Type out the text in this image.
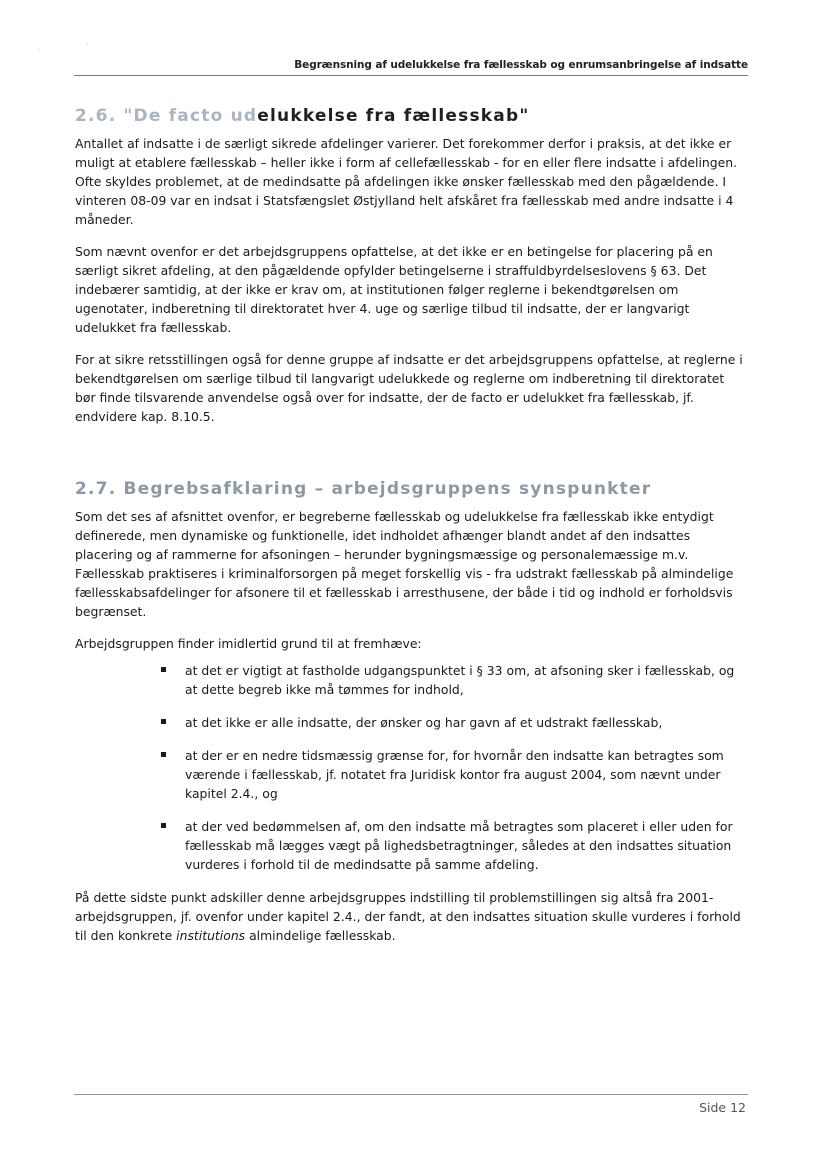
·
·
Begrænsning af udelukkelse fra fællesskab og enrumsanbringelse af indsatte
2.6. "De facto udelukkelse fra fællesskab"

Antallet af indsatte i de særligt sikrede afdelinger varierer. Det forekommer derfor i praksis, at det ikke er muligt at etablere fællesskab – heller ikke i form af cellefællesskab - for en eller flere indsatte i afdelingen. Ofte skyldes problemet, at de medindsatte på afdelingen ikke ønsker fællesskab med den pågældende. I vinteren 08-09 var en indsat i Statsfængslet Østjylland helt afskåret fra fællesskab med andre indsatte i 4 måneder.

Som nævnt ovenfor er det arbejdsgruppens opfattelse, at det ikke er en betingelse for placering på en særligt sikret afdeling, at den pågældende opfylder betingelserne i straffuldbyrdelseslovens § 63. Det indebærer samtidig, at der ikke er krav om, at institutionen følger reglerne i bekendtgørelsen om ugenotater, indberetning til direktoratet hver 4. uge og særlige tilbud til indsatte, der er langvarigt udelukket fra fællesskab.

For at sikre retsstillingen også for denne gruppe af indsatte er det arbejdsgruppens opfattelse, at reglerne i bekendtgørelsen om særlige tilbud til langvarigt udelukkede og reglerne om indberetning til direktoratet bør finde tilsvarende anvendelse også over for indsatte, der de facto er udelukket fra fællesskab, jf. endvidere kap. 8.10.5.

2.7. Begrebsafklaring – arbejdsgruppens synspunkter

Som det ses af afsnittet ovenfor, er begreberne fællesskab og udelukkelse fra fællesskab ikke entydigt definerede, men dynamiske og funktionelle, idet indholdet afhænger blandt andet af den indsattes placering og af rammerne for afsoningen – herunder bygningsmæssige og personalemæssige m.v. Fællesskab praktiseres i kriminalforsorgen på meget forskellig vis - fra udstrakt fællesskab på almindelige fællesskabsafdelinger for afsonere til et fællesskab i arresthusene, der både i tid og indhold er forholdsvis begrænset.

Arbejdsgruppen finder imidlertid grund til at fremhæve:

at det er vigtigt at fastholde udgangspunktet i § 33 om, at afsoning sker i fællesskab, og at dette begreb ikke må tømmes for indhold,
at det ikke er alle indsatte, der ønsker og har gavn af et udstrakt fællesskab,
at der er en nedre tidsmæssig grænse for, for hvornår den indsatte kan betragtes som værende i fællesskab, jf. notatet fra Juridisk kontor fra august 2004, som nævnt under kapitel 2.4., og
at der ved bedømmelsen af, om den indsatte må betragtes som placeret i eller uden for fællesskab må lægges vægt på lighedsbetragtninger, således at den indsattes situation vurderes i forhold til de medindsatte på samme afdeling.

På dette sidste punkt adskiller denne arbejdsgruppes indstilling til problemstillingen sig altså fra 2001-arbejdsgruppen, jf. ovenfor under kapitel 2.4., der fandt, at den indsattes situation skulle vurderes i forhold til den konkrete institutions almindelige fællesskab.

Side 12
